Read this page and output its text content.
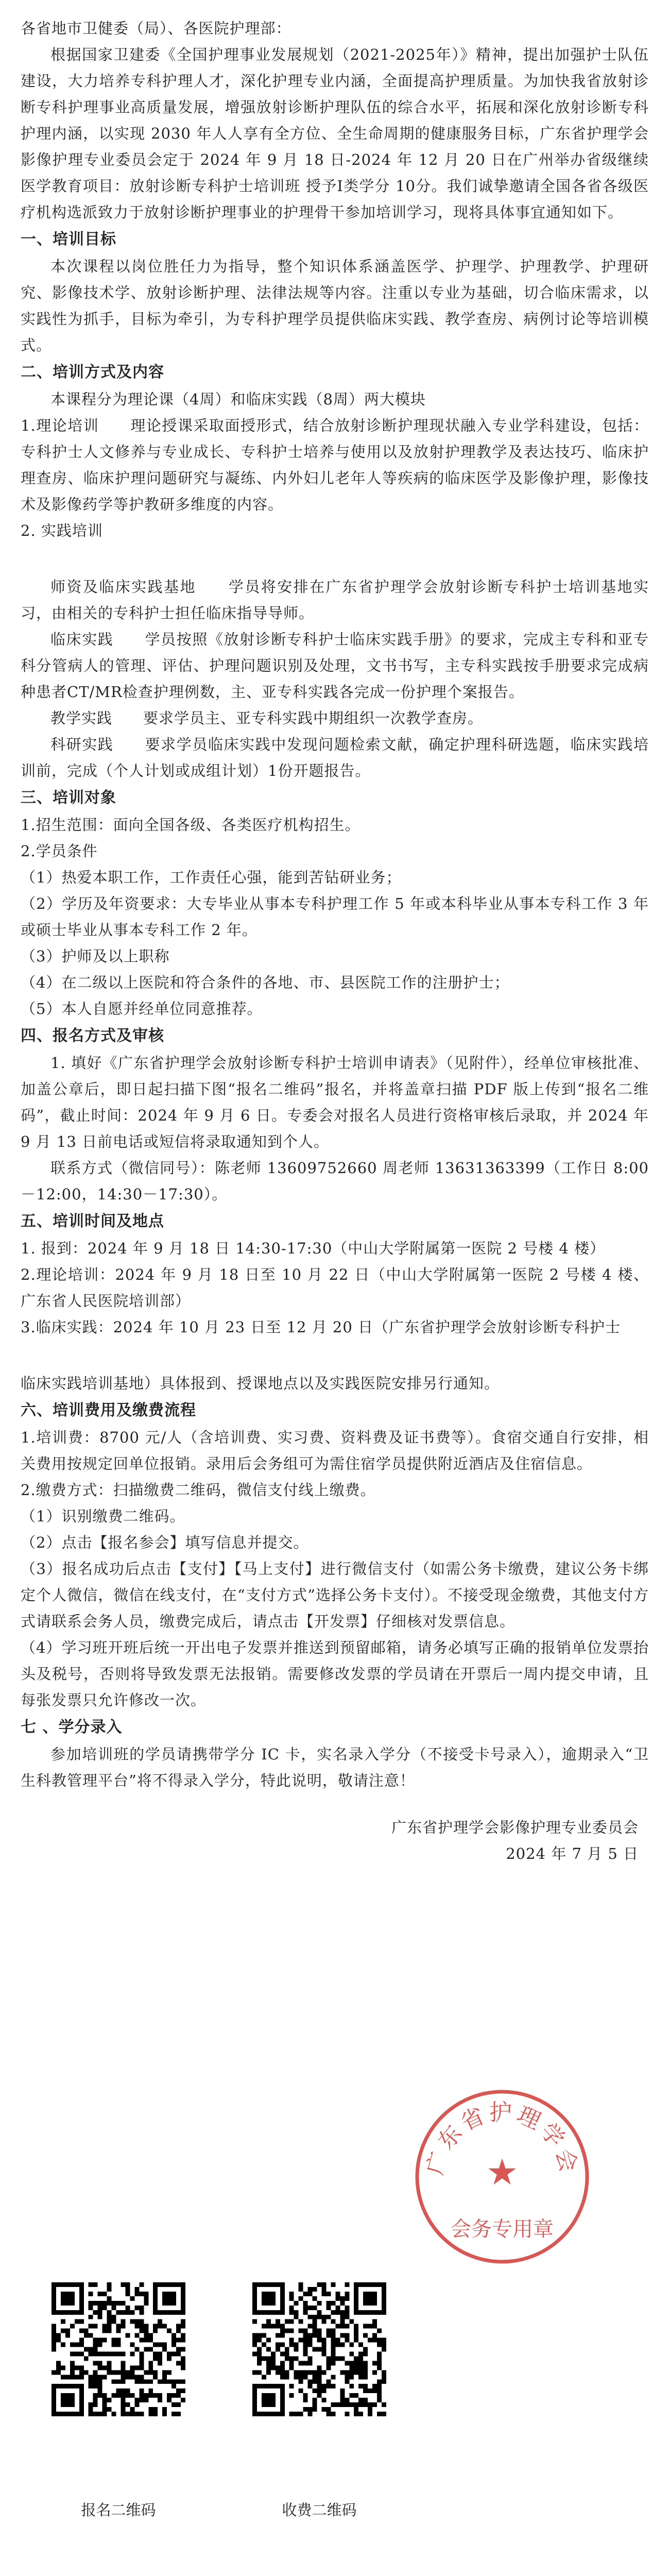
各省地市卫健委（局）、各医院护理部：

根据国家卫建委《全国护理事业发展规划（2021-2025年）》精神，提出加强护士队伍建设，大力培养专科护理人才，深化护理专业内涵，全面提高护理质量。为加快我省放射诊断专科护理事业高质量发展，增强放射诊断护理队伍的综合水平，拓展和深化放射诊断专科护理内涵，以实现 2030 年人人享有全方位、全生命周期的健康服务目标，广东省护理学会影像护理专业委员会定于 2024 年 9 月 18 日-2024 年 12 月 20 日在广州举办省级继续医学教育项目：放射诊断专科护士培训班 授予Ⅰ类学分 10分。我们诚挚邀请全国各省各级医疗机构选派致力于放射诊断护理事业的护理骨干参加培训学习，现将具体事宜通知如下。

一、培训目标

本次课程以岗位胜任力为指导，整个知识体系涵盖医学、护理学、护理教学、护理研究、影像技术学、放射诊断护理、法律法规等内容。注重以专业为基础，切合临床需求，以实践性为抓手，目标为牵引，为专科护理学员提供临床实践、教学查房、病例讨论等培训模式。

二、培训方式及内容

本课程分为理论课（4周）和临床实践（8周）两大模块

1.理论培训　　理论授课采取面授形式，结合放射诊断护理现状融入专业学科建设，包括：专科护士人文修养与专业成长、专科护士培养与使用以及放射护理教学及表达技巧、临床护理查房、临床护理问题研究与凝练、内外妇儿老年人等疾病的临床医学及影像护理，影像技术及影像药学等护教研多维度的内容。

2. 实践培训

师资及临床实践基地　　学员将安排在广东省护理学会放射诊断专科护士培训基地实习，由相关的专科护士担任临床指导导师。

临床实践　　学员按照《放射诊断专科护士临床实践手册》的要求，完成主专科和亚专科分管病人的管理、评估、护理问题识别及处理，文书书写，主专科实践按手册要求完成病种患者CT/MR检查护理例数，主、亚专科实践各完成一份护理个案报告。

教学实践　　要求学员主、亚专科实践中期组织一次教学查房。

科研实践　　要求学员临床实践中发现问题检索文献，确定护理科研选题，临床实践培训前，完成（个人计划或成组计划）1份开题报告。

三、培训对象

1.招生范围：面向全国各级、各类医疗机构招生。

2.学员条件

（1）热爱本职工作，工作责任心强，能到苦钻研业务；

（2）学历及年资要求：大专毕业从事本专科护理工作 5 年或本科毕业从事本专科工作 3 年或硕士毕业从事本专科工作 2 年。

（3）护师及以上职称

（4）在二级以上医院和符合条件的各地、市、县医院工作的注册护士；

（5）本人自愿并经单位同意推荐。

四、报名方式及审核

1. 填好《广东省护理学会放射诊断专科护士培训申请表》（见附件），经单位审核批准、加盖公章后，即日起扫描下图“报名二维码”报名，并将盖章扫描 PDF 版上传到“报名二维码”，截止时间：2024 年 9 月 6 日。专委会对报名人员进行资格审核后录取，并 2024 年 9 月 13 日前电话或短信将录取通知到个人。

联系方式（微信同号）：陈老师 13609752660 周老师 13631363399（工作日 8:00－12:00，14:30－17:30）。

五、培训时间及地点

1. 报到：2024 年 9 月 18 日 14:30-17:30（中山大学附属第一医院 2 号楼 4 楼）

2.理论培训：2024 年 9 月 18 日至 10 月 22 日（中山大学附属第一医院 2 号楼 4 楼、广东省人民医院培训部）

3.临床实践：2024 年 10 月 23 日至 12 月 20 日（广东省护理学会放射诊断专科护士

临床实践培训基地）具体报到、授课地点以及实践医院安排另行通知。

六、培训费用及缴费流程

1.培训费：8700 元/人（含培训费、实习费、资料费及证书费等）。食宿交通自行安排，相关费用按规定回单位报销。录用后会务组可为需住宿学员提供附近酒店及住宿信息。

2.缴费方式：扫描缴费二维码，微信支付线上缴费。

（1）识别缴费二维码。

（2）点击【报名参会】填写信息并提交。

（3）报名成功后点击【支付】【马上支付】进行微信支付（如需公务卡缴费，建议公务卡绑定个人微信，微信在线支付，在“支付方式”选择公务卡支付）。不接受现金缴费，其他支付方式请联系会务人员，缴费完成后，请点击【开发票】仔细核对发票信息。

（4）学习班开班后统一开出电子发票并推送到预留邮箱，请务必填写正确的报销单位发票抬头及税号，否则将导致发票无法报销。需要修改发票的学员请在开票后一周内提交申请，且每张发票只允许修改一次。

七 、学分录入

参加培训班的学员请携带学分 IC 卡，实名录入学分（不接受卡号录入），逾期录入“卫生科教管理平台”将不得录入学分，特此说明，敬请注意！

广东省护理学会影像护理专业委员会

2024 年 7 月 5 日

广东省护理学会
★
会务专用章
报名二维码	收费二维码
